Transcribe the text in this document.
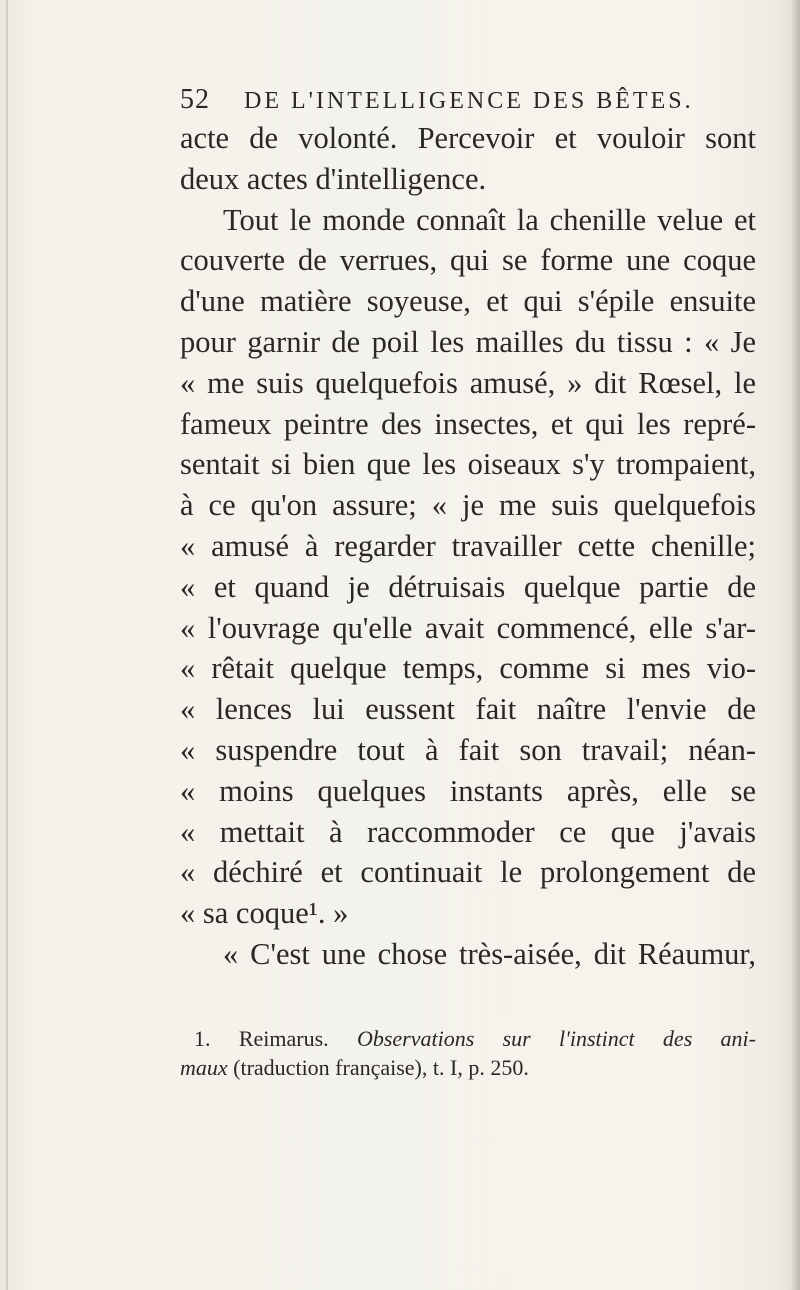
52 DE L'INTELLIGENCE DES BÊTES.
acte de volonté. Percevoir et vouloir sont
deux actes d'intelligence.
Tout le monde connaît la chenille velue et
couverte de verrues, qui se forme une coque
d'une matière soyeuse, et qui s'épile ensuite
pour garnir de poil les mailles du tissu : « Je
« me suis quelquefois amusé, » dit Rœsel, le
fameux peintre des insectes, et qui les repré-
sentait si bien que les oiseaux s'y trompaient,
à ce qu'on assure; « je me suis quelquefois
« amusé à regarder travailler cette chenille;
« et quand je détruisais quelque partie de
« l'ouvrage qu'elle avait commencé, elle s'ar-
« rêtait quelque temps, comme si mes vio-
« lences lui eussent fait naître l'envie de
« suspendre tout à fait son travail; néan-
« moins quelques instants après, elle se
« mettait à raccommoder ce que j'avais
« déchiré et continuait le prolongement de
« sa coque¹. »
« C'est une chose très-aisée, dit Réaumur,
1. Reimarus. Observations sur l'instinct des ani-
maux (traduction française), t. I, p. 250.
